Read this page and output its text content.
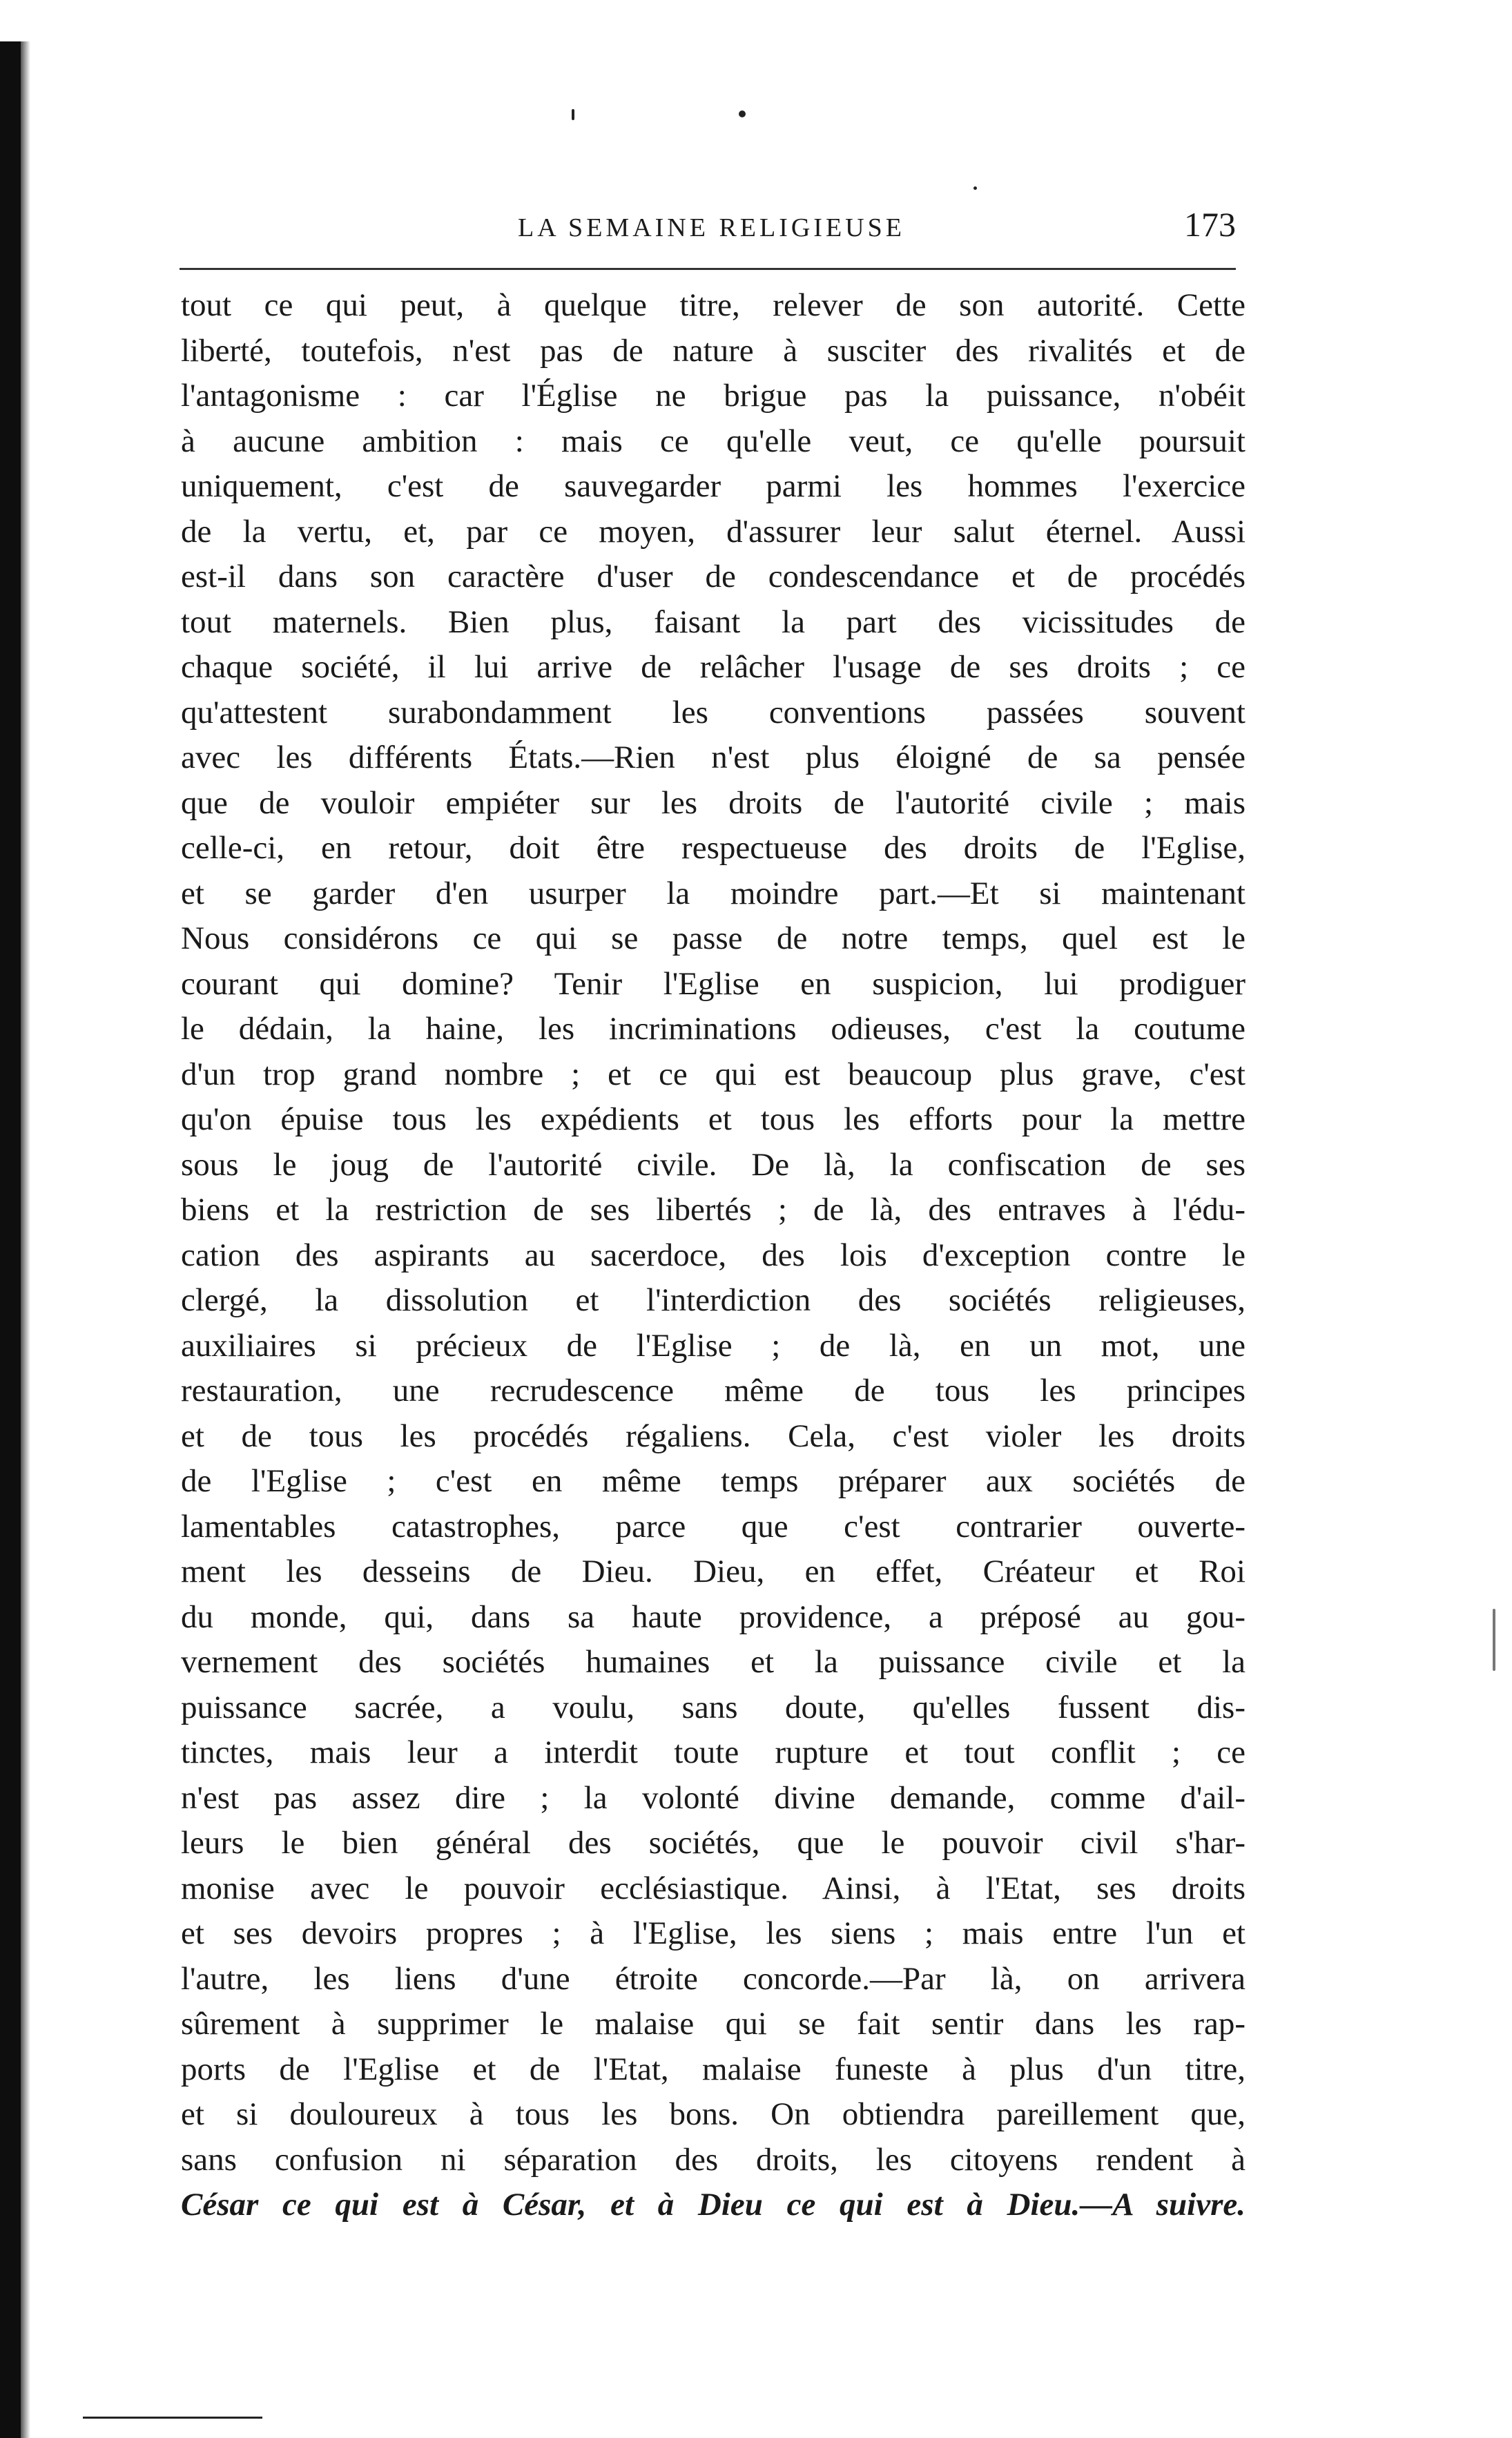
LA SEMAINE RELIGIEUSE	173

tout ce qui peut, à quelque titre, relever de son autorité. Cette
liberté, toutefois, n'est pas de nature à susciter des rivalités et de
l'antagonisme : car l'Église ne brigue pas la puissance, n'obéit
à aucune ambition : mais ce qu'elle veut, ce qu'elle poursuit
uniquement, c'est de sauvegarder parmi les hommes l'exercice
de la vertu, et, par ce moyen, d'assurer leur salut éternel. Aussi
est-il dans son caractère d'user de condescendance et de procédés
tout maternels. Bien plus, faisant la part des vicissitudes de
chaque société, il lui arrive de relâcher l'usage de ses droits ; ce
qu'attestent surabondamment les conventions passées souvent
avec les différents États.—Rien n'est plus éloigné de sa pensée
que de vouloir empiéter sur les droits de l'autorité civile ; mais
celle-ci, en retour, doit être respectueuse des droits de l'Eglise,
et se garder d'en usurper la moindre part.—Et si maintenant
Nous considérons ce qui se passe de notre temps, quel est le
courant qui domine? Tenir l'Eglise en suspicion, lui prodiguer
le dédain, la haine, les incriminations odieuses, c'est la coutume
d'un trop grand nombre ; et ce qui est beaucoup plus grave, c'est
qu'on épuise tous les expédients et tous les efforts pour la mettre
sous le joug de l'autorité civile. De là, la confiscation de ses
biens et la restriction de ses libertés ; de là, des entraves à l'édu-
cation des aspirants au sacerdoce, des lois d'exception contre le
clergé, la dissolution et l'interdiction des sociétés religieuses,
auxiliaires si précieux de l'Eglise ; de là, en un mot, une
restauration, une recrudescence même de tous les principes
et de tous les procédés régaliens. Cela, c'est violer les droits
de l'Eglise ; c'est en même temps préparer aux sociétés de
lamentables catastrophes, parce que c'est contrarier ouverte-
ment les desseins de Dieu. Dieu, en effet, Créateur et Roi
du monde, qui, dans sa haute providence, a préposé au gou-
vernement des sociétés humaines et la puissance civile et la
puissance sacrée, a voulu, sans doute, qu'elles fussent dis-
tinctes, mais leur a interdit toute rupture et tout conflit ; ce
n'est pas assez dire ; la volonté divine demande, comme d'ail-
leurs le bien général des sociétés, que le pouvoir civil s'har-
monise avec le pouvoir ecclésiastique. Ainsi, à l'Etat, ses droits
et ses devoirs propres ; à l'Eglise, les siens ; mais entre l'un et
l'autre, les liens d'une étroite concorde.—Par là, on arrivera
sûrement à supprimer le malaise qui se fait sentir dans les rap-
ports de l'Eglise et de l'Etat, malaise funeste à plus d'un titre,
et si douloureux à tous les bons. On obtiendra pareillement que,
sans confusion ni séparation des droits, les citoyens rendent à
César ce qui est à César, et à Dieu ce qui est à Dieu.—A suivre.
